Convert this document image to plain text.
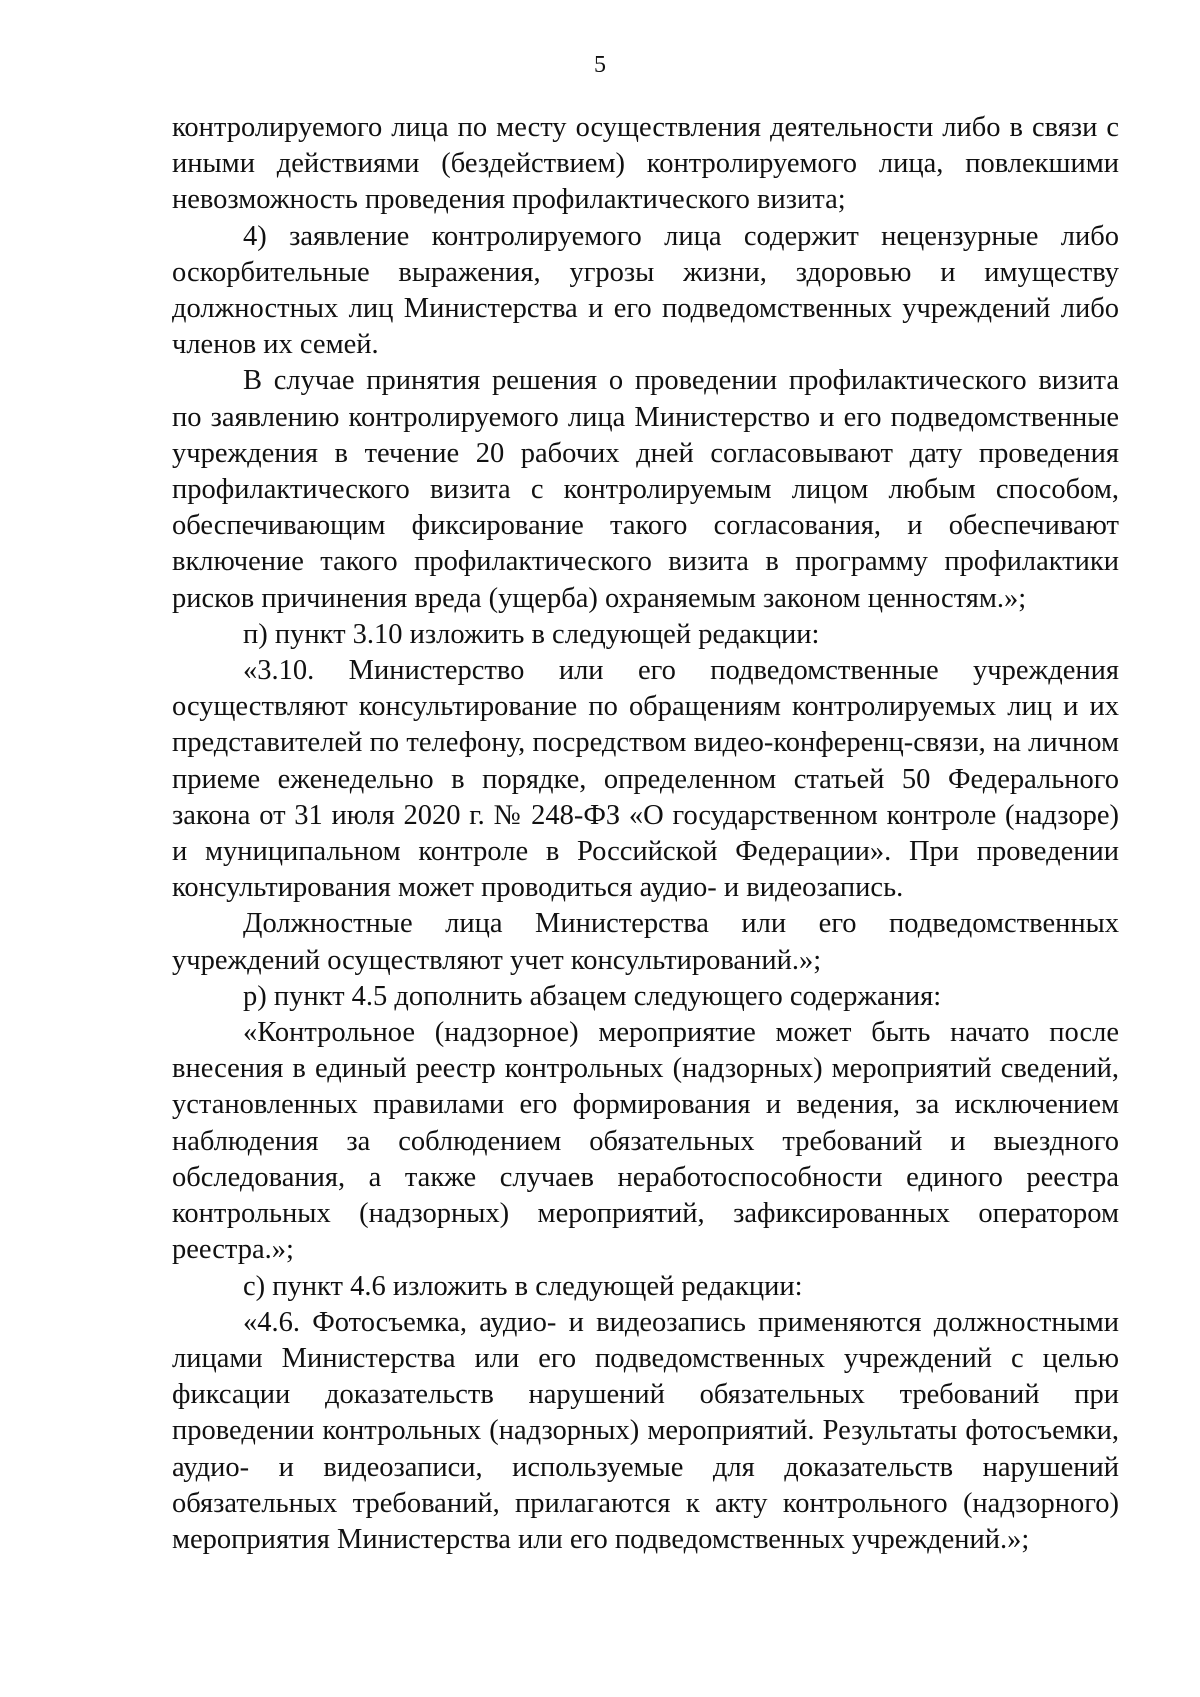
5

контролируемого лица по месту осуществления деятельности либо в связи с иными действиями (бездействием) контролируемого лица, повлекшими невозможность проведения профилактического визита;

4) заявление контролируемого лица содержит нецензурные либо оскорбительные выражения, угрозы жизни, здоровью и имуществу должностных лиц Министерства и его подведомственных учреждений либо членов их семей.

В случае принятия решения о проведении профилактического визита по заявлению контролируемого лица Министерство и его подведомственные учреждения в течение 20 рабочих дней согласовывают дату проведения профилактического визита с контролируемым лицом любым способом, обеспечивающим фиксирование такого согласования, и обеспечивают включение такого профилактического визита в программу профилактики рисков причинения вреда (ущерба) охраняемым законом ценностям.»;

п) пункт 3.10 изложить в следующей редакции:

«3.10. Министерство или его подведомственные учреждения осуществляют консультирование по обращениям контролируемых лиц и их представителей по телефону, посредством видео-конференц-связи, на личном приеме еженедельно в порядке, определенном статьей 50 Федерального закона от 31 июля 2020 г. № 248-ФЗ «О государственном контроле (надзоре) и муниципальном контроле в Российской Федерации». При проведении консультирования может проводиться аудио- и видеозапись.

Должностные лица Министерства или его подведомственных учреждений осуществляют учет консультирований.»;

р) пункт 4.5 дополнить абзацем следующего содержания:

«Контрольное (надзорное) мероприятие может быть начато после внесения в единый реестр контрольных (надзорных) мероприятий сведений, установленных правилами его формирования и ведения, за исключением наблюдения за соблюдением обязательных требований и выездного обследования, а также случаев неработоспособности единого реестра контрольных (надзорных) мероприятий, зафиксированных оператором реестра.»;

с) пункт 4.6 изложить в следующей редакции:

«4.6. Фотосъемка, аудио- и видеозапись применяются должностными лицами Министерства или его подведомственных учреждений с целью фиксации доказательств нарушений обязательных требований при проведении контрольных (надзорных) мероприятий. Результаты фотосъемки, аудио- и видеозаписи, используемые для доказательств нарушений обязательных требований, прилагаются к акту контрольного (надзорного) мероприятия Министерства или его подведомственных учреждений.»;
